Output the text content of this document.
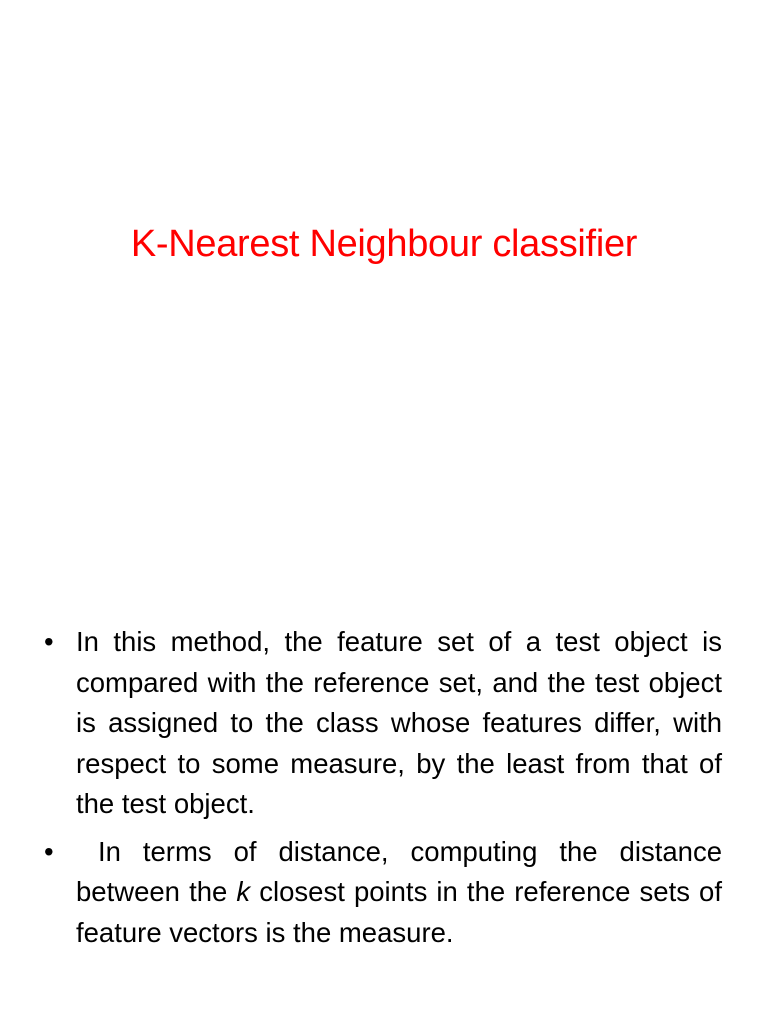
K-Nearest Neighbour classifier
• In this method, the feature set of a test object is compared with the reference set, and the test object is assigned to the class whose features differ, with respect to some measure, by the least from that of the test object.
• In terms of distance, computing the distance between the k closest points in the reference sets of feature vectors is the measure.
